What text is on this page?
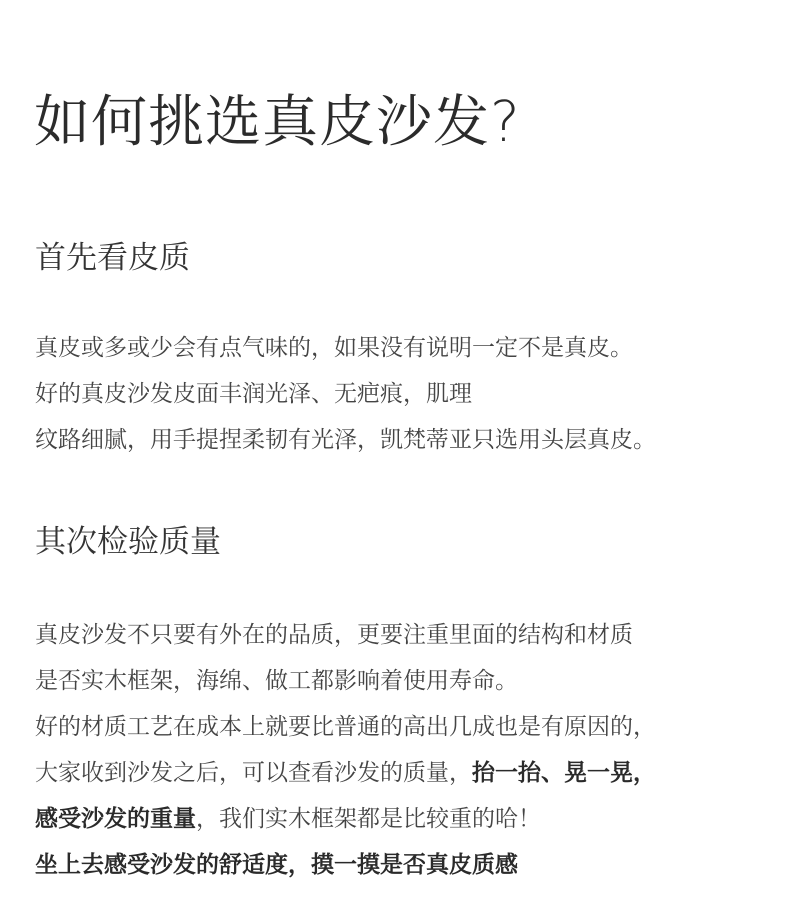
如何挑选真皮沙发?
首先看皮质
真皮或多或少会有点气味的，如果没有说明一定不是真皮。
好的真皮沙发皮面丰润光泽、无疤痕，肌理
纹路细腻，用手提捏柔韧有光泽，凯梵蒂亚只选用头层真皮。
其次检验质量
真皮沙发不只要有外在的品质，更要注重里面的结构和材质
是否实木框架，海绵、做工都影响着使用寿命。
好的材质工艺在成本上就要比普通的高出几成也是有原因的，
大家收到沙发之后，可以查看沙发的质量，抬一抬、晃一晃，
感受沙发的重量，我们实木框架都是比较重的哈！
坐上去感受沙发的舒适度，摸一摸是否真皮质感
